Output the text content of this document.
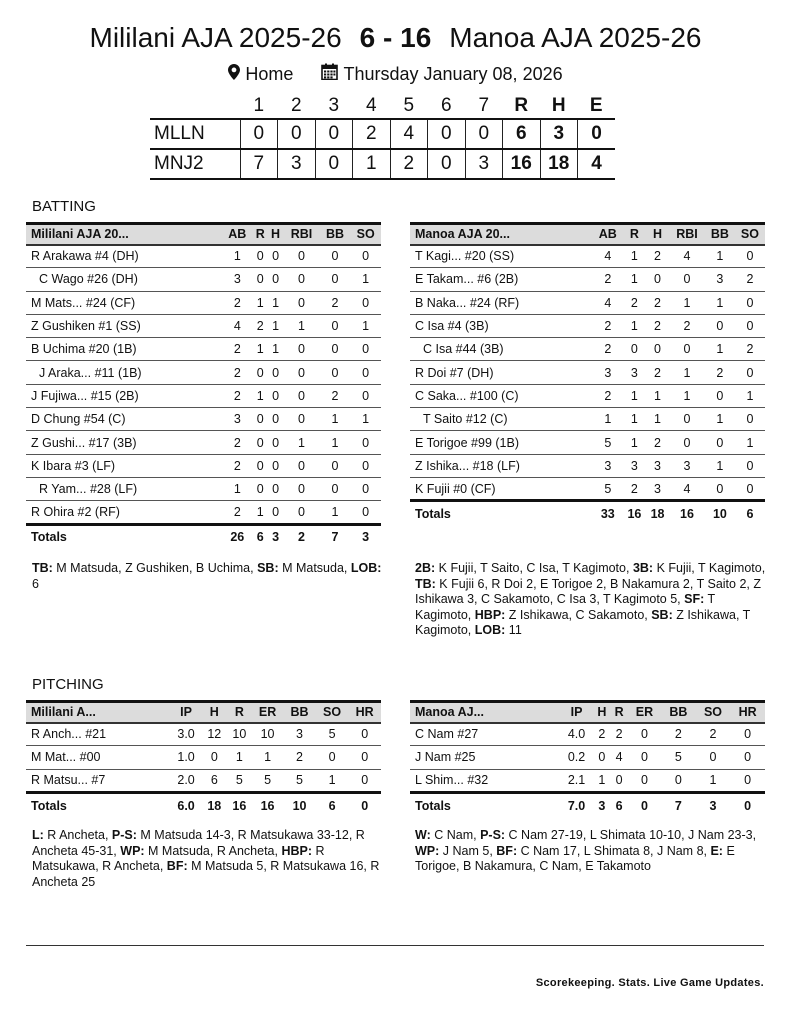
Mililani AJA 2025-26 6 - 16 Manoa AJA 2025-26
Home	Thursday January 08, 2026
	1	2	3	4	5	6	7	R	H	E
MLLN	0	0	0	2	4	0	0	6	3	0
MNJ2	7	3	0	1	2	0	3	16	18	4
BATTING
Mililani AJA 20...	AB	R	H	RBI	BB	SO
R Arakawa #4 (DH)	1	0	0	0	0	0
C Wago #26 (DH)	3	0	0	0	0	1
M Mats... #24 (CF)	2	1	1	0	2	0
Z Gushiken #1 (SS)	4	2	1	1	0	1
B Uchima #20 (1B)	2	1	1	0	0	0
J Araka... #11 (1B)	2	0	0	0	0	0
J Fujiwa... #15 (2B)	2	1	0	0	2	0
D Chung #54 (C)	3	0	0	0	1	1
Z Gushi... #17 (3B)	2	0	0	1	1	0
K Ibara #3 (LF)	2	0	0	0	0	0
R Yam... #28 (LF)	1	0	0	0	0	0
R Ohira #2 (RF)	2	1	0	0	1	0
Totals	26	6	3	2	7	3
Manoa AJA 20...	AB	R	H	RBI	BB	SO
T Kagi... #20 (SS)	4	1	2	4	1	0
E Takam... #6 (2B)	2	1	0	0	3	2
B Naka... #24 (RF)	4	2	2	1	1	0
C Isa #4 (3B)	2	1	2	2	0	0
C Isa #44 (3B)	2	0	0	0	1	2
R Doi #7 (DH)	3	3	2	1	2	0
C Saka... #100 (C)	2	1	1	1	0	1
T Saito #12 (C)	1	1	1	0	1	0
E Torigoe #99 (1B)	5	1	2	0	0	1
Z Ishika... #18 (LF)	3	3	3	3	1	0
K Fujii #0 (CF)	5	2	3	4	0	0
Totals	33	16	18	16	10	6
TB: M Matsuda, Z Gushiken, B Uchima, SB: M Matsuda, LOB: 6
2B: K Fujii, T Saito, C Isa, T Kagimoto, 3B: K Fujii, T Kagimoto, TB: K Fujii 6, R Doi 2, E Torigoe 2, B Nakamura 2, T Saito 2, Z Ishikawa 3, C Sakamoto, C Isa 3, T Kagimoto 5, SF: T Kagimoto, HBP: Z Ishikawa, C Sakamoto, SB: Z Ishikawa, T Kagimoto, LOB: 11
PITCHING
Mililani A...	IP	H	R	ER	BB	SO	HR
R Anch... #21	3.0	12	10	10	3	5	0
M Mat... #00	1.0	0	1	1	2	0	0
R Matsu... #7	2.0	6	5	5	5	1	0
Totals	6.0	18	16	16	10	6	0
Manoa AJ...	IP	H	R	ER	BB	SO	HR
C Nam #27	4.0	2	2	0	2	2	0
J Nam #25	0.2	0	4	0	5	0	0
L Shim... #32	2.1	1	0	0	0	1	0
Totals	7.0	3	6	0	7	3	0
L: R Ancheta, P-S: M Matsuda 14-3, R Matsukawa 33-12, R Ancheta 45-31, WP: M Matsuda, R Ancheta, HBP: R Matsukawa, R Ancheta, BF: M Matsuda 5, R Matsukawa 16, R Ancheta 25
W: C Nam, P-S: C Nam 27-19, L Shimata 10-10, J Nam 23-3, WP: J Nam 5, BF: C Nam 17, L Shimata 8, J Nam 8, E: E Torigoe, B Nakamura, C Nam, E Takamoto
Scorekeeping. Stats. Live Game Updates.
